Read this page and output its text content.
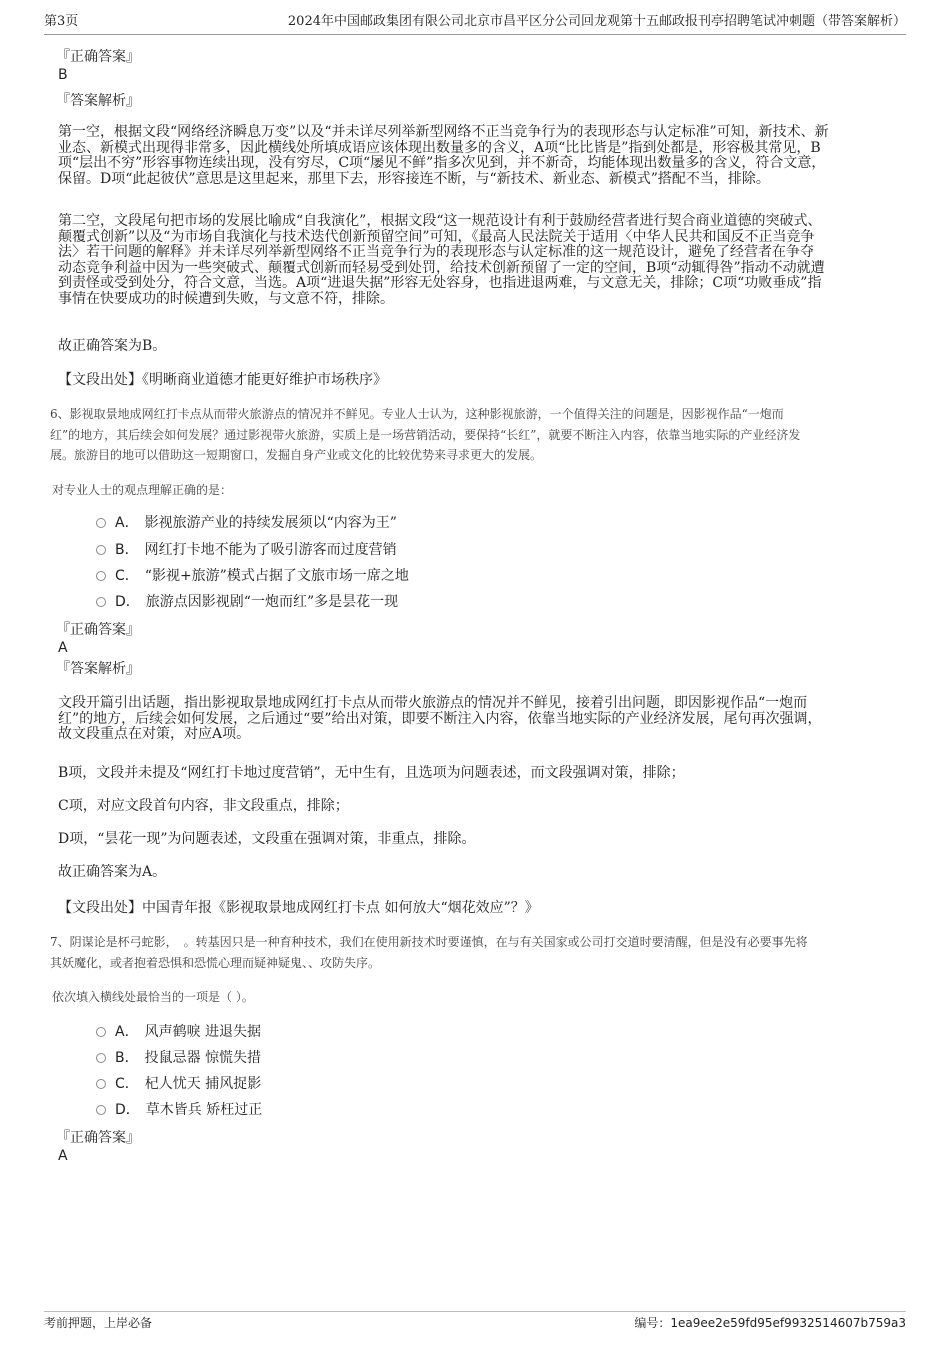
第3页	2024年中国邮政集团有限公司北京市昌平区分公司回龙观第十五邮政报刊亭招聘笔试冲刺题（带答案解析）
『正确答案』
B
『答案解析』
第一空，根据文段“网络经济瞬息万变”以及“并未详尽列举新型网络不正当竞争行为的表现形态与认定标准”可知，新技术、新
业态、新模式出现得非常多，因此横线处所填成语应该体现出数量多的含义，A项“比比皆是”指到处都是，形容极其常见，B
项“层出不穷”形容事物连续出现，没有穷尽，C项“屡见不鲜”指多次见到，并不新奇，均能体现出数量多的含义，符合文意，
保留。D项“此起彼伏”意思是这里起来，那里下去，形容接连不断，与“新技术、新业态、新模式”搭配不当，排除。
第二空，文段尾句把市场的发展比喻成“自我演化”，根据文段“这一规范设计有利于鼓励经营者进行契合商业道德的突破式、
颠覆式创新”以及“为市场自我演化与技术迭代创新预留空间”可知，《最高人民法院关于适用〈中华人民共和国反不正当竞争
法〉若干问题的解释》并未详尽列举新型网络不正当竞争行为的表现形态与认定标准的这一规范设计，避免了经营者在争夺
动态竞争利益中因为一些突破式、颠覆式创新而轻易受到处罚，给技术创新预留了一定的空间，B项“动辄得咎”指动不动就遭
到责怪或受到处分，符合文意，当选。A项“进退失据”形容无处容身，也指进退两难，与文意无关，排除；C项“功败垂成”指
事情在快要成功的时候遭到失败，与文意不符，排除。
故正确答案为B。
【文段出处】《明晰商业道德才能更好维护市场秩序》
6、影视取景地成网红打卡点从而带火旅游点的情况并不鲜见。专业人士认为，这种影视旅游，一个值得关注的问题是，因影视作品“一炮而
红”的地方，其后续会如何发展？通过影视带火旅游，实质上是一场营销活动，要保持“长红”，就要不断注入内容，依靠当地实际的产业经济发
展。旅游目的地可以借助这一短期窗口，发掘自身产业或文化的比较优势来寻求更大的发展。
对专业人士的观点理解正确的是：
A． 影视旅游产业的持续发展须以“内容为王”
B． 网红打卡地不能为了吸引游客而过度营销
C． “影视+旅游”模式占据了文旅市场一席之地
D． 旅游点因影视剧“一炮而红”多是昙花一现
『正确答案』
A
『答案解析』
文段开篇引出话题，指出影视取景地成网红打卡点从而带火旅游点的情况并不鲜见，接着引出问题，即因影视作品“一炮而
红”的地方，后续会如何发展，之后通过“要”给出对策，即要不断注入内容，依靠当地实际的产业经济发展，尾句再次强调，
故文段重点在对策，对应A项。
B项，文段并未提及“网红打卡地过度营销”，无中生有，且选项为问题表述，而文段强调对策，排除；
C项，对应文段首句内容，非文段重点，排除；
D项，“昙花一现”为问题表述，文段重在强调对策，非重点，排除。
故正确答案为A。
【文段出处】中国青年报《影视取景地成网红打卡点 如何放大“烟花效应”？》
7、阴谋论是杯弓蛇影，　。转基因只是一种育种技术，我们在使用新技术时要谨慎，在与有关国家或公司打交道时要清醒，但是没有必要事先将
其妖魔化，或者抱着恐惧和恐慌心理而疑神疑鬼、、攻防失序。
依次填入横线处最恰当的一项是（ ）。
A． 风声鹤唳 进退失据
B． 投鼠忌器 惊慌失措
C． 杞人忧天 捕风捉影
D． 草木皆兵 矫枉过正
『正确答案』
A
考前押题，上岸必备	编号：1ea9ee2e59fd95ef9932514607b759a3
